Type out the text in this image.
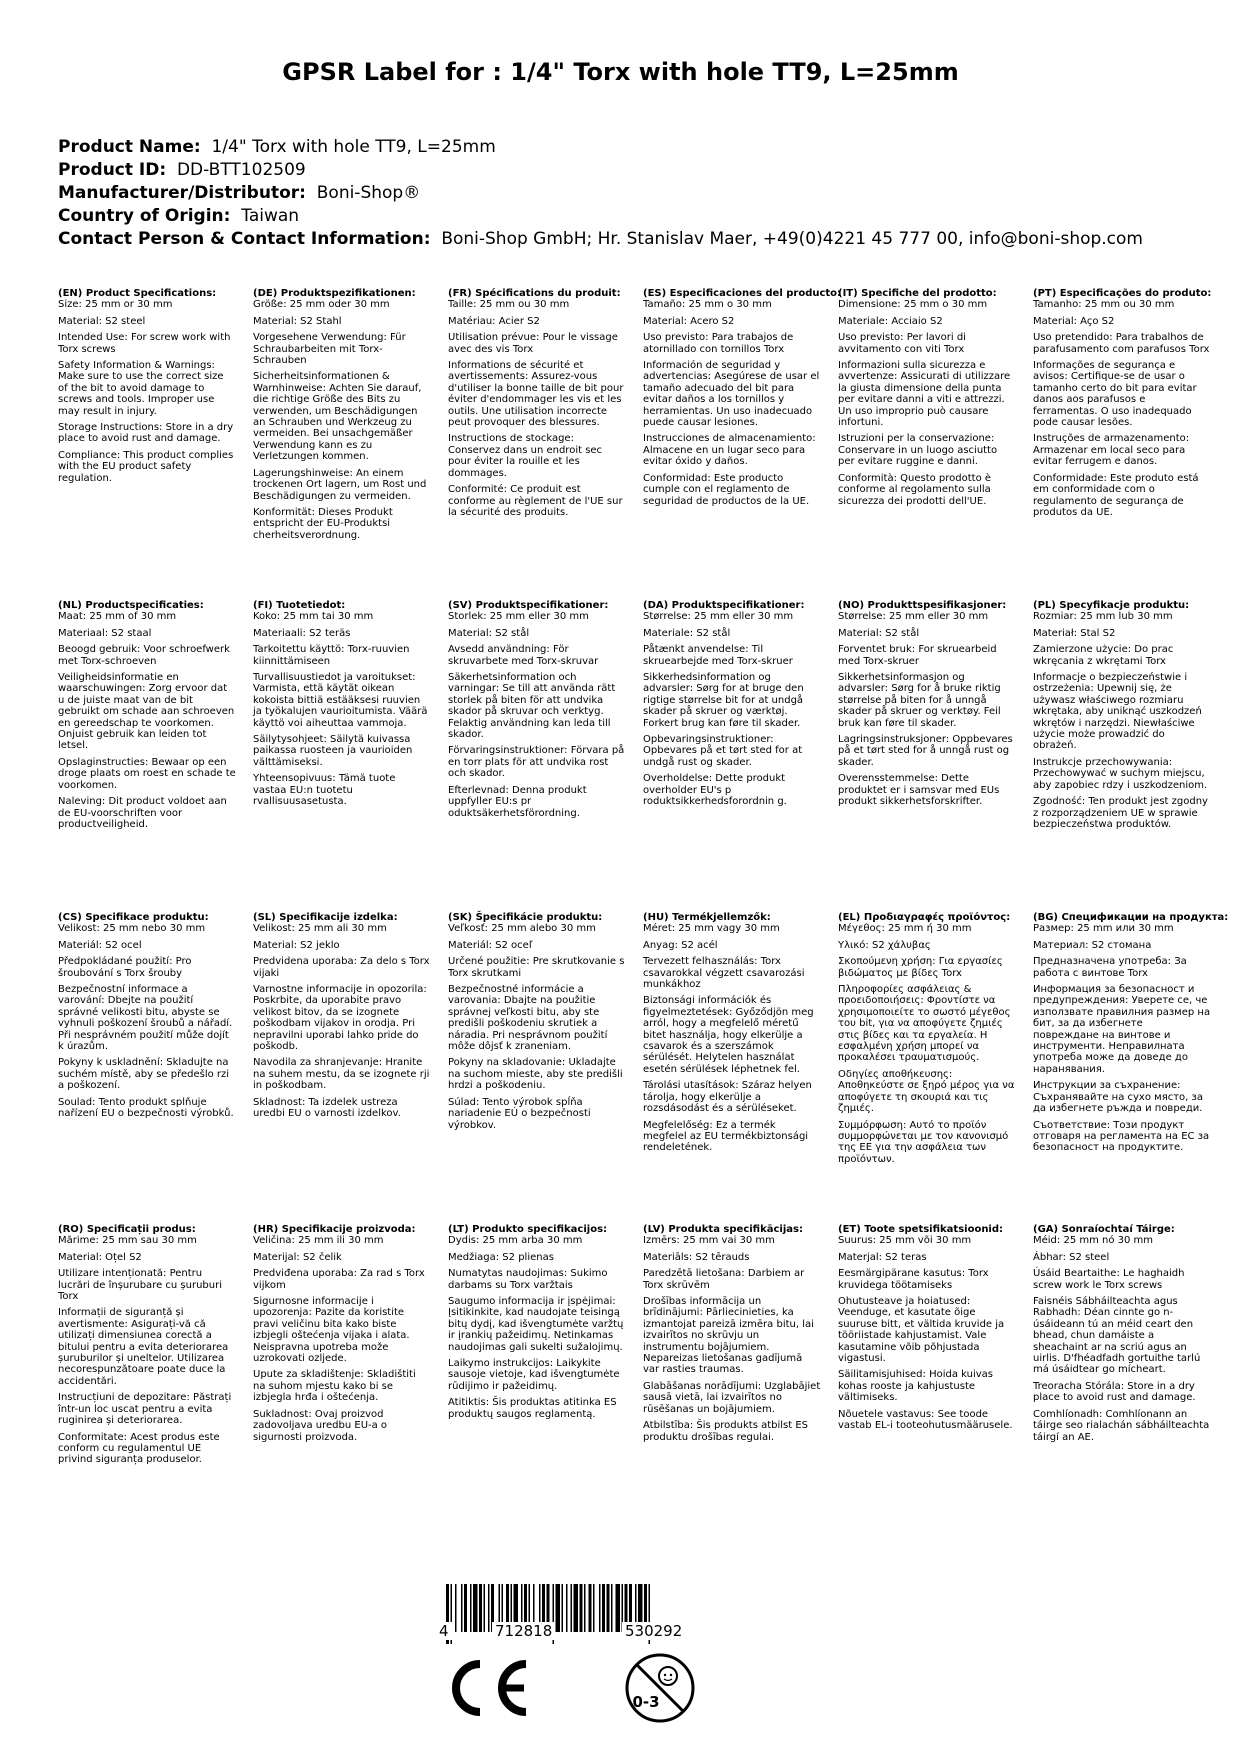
GPSR Label for : 1/4" Torx with hole TT9, L=25mm
Product Name: 1/4" Torx with hole TT9, L=25mm
Product ID: DD-BTT102509
Manufacturer/Distributor: Boni-Shop®
Country of Origin: Taiwan
Contact Person & Contact Information: Boni-Shop GmbH; Hr. Stanislav Maer, +49(0)4221 45 777 00, info@boni-shop.com
(EN) Product Specifications:

Size: 25 mm or 30 mm

Material: S2 steel

Intended Use: For screw work with Torx screws

Safety Information & Warnings: Make sure to use the correct size of the bit to avoid damage to screws and tools. Improper use may result in injury.

Storage Instructions: Store in a dry place to avoid rust and damage.

Compliance: This product complies with the EU product safety regulation.

(DE) Produktspezifikationen:

Größe: 25 mm oder 30 mm

Material: S2 Stahl

Vorgesehene Verwendung: Für Schraubarbeiten mit Torx-Schrauben

Sicherheitsinformationen & Warnhinweise: Achten Sie darauf, die richtige Größe des Bits zu verwenden, um Beschädigungen an Schrauben und Werkzeug zu vermeiden. Bei unsachgemäßer Verwendung kann es zu Verletzungen kommen.

Lagerungshinweise: An einem trockenen Ort lagern, um Rost und Beschädigungen zu vermeiden.

Konformität: Dieses Produkt entspricht der EU-Produktsi cherheitsverordnung.

(FR) Spécifications du produit:

Taille: 25 mm ou 30 mm

Matériau: Acier S2

Utilisation prévue: Pour le vissage avec des vis Torx

Informations de sécurité et avertissements: Assurez-vous d'utiliser la bonne taille de bit pour éviter d'endommager les vis et les outils. Une utilisation incorrecte peut provoquer des blessures.

Instructions de stockage: Conservez dans un endroit sec pour éviter la rouille et les dommages.

Conformité: Ce produit est conforme au règlement de l'UE sur la sécurité des produits.

(ES) Especificaciones del producto:

Tamaño: 25 mm o 30 mm

Material: Acero S2

Uso previsto: Para trabajos de atornillado con tornillos Torx

Información de seguridad y advertencias: Asegúrese de usar el tamaño adecuado del bit para evitar daños a los tornillos y herramientas. Un uso inadecuado puede causar lesiones.

Instrucciones de almacenamiento: Almacene en un lugar seco para evitar óxido y daños.

Conformidad: Este producto cumple con el reglamento de seguridad de productos de la UE.

(IT) Specifiche del prodotto:

Dimensione: 25 mm o 30 mm

Materiale: Acciaio S2

Uso previsto: Per lavori di avvitamento con viti Torx

Informazioni sulla sicurezza e avvertenze: Assicurati di utilizzare la giusta dimensione della punta per evitare danni a viti e attrezzi. Un uso improprio può causare infortuni.

Istruzioni per la conservazione: Conservare in un luogo asciutto per evitare ruggine e danni.

Conformità: Questo prodotto è conforme al regolamento sulla sicurezza dei prodotti dell'UE.

(PT) Especificações do produto:

Tamanho: 25 mm ou 30 mm

Material: Aço S2

Uso pretendido: Para trabalhos de parafusamento com parafusos Torx

Informações de segurança e avisos: Certifique-se de usar o tamanho certo do bit para evitar danos aos parafusos e ferramentas. O uso inadequado pode causar lesões.

Instruções de armazenamento: Armazenar em local seco para evitar ferrugem e danos.

Conformidade: Este produto está em conformidade com o regulamento de segurança de produtos da UE.

(NL) Productspecificaties:

Maat: 25 mm of 30 mm

Materiaal: S2 staal

Beoogd gebruik: Voor schroefwerk met Torx-schroeven

Veiligheidsinformatie en waarschuwingen: Zorg ervoor dat u de juiste maat van de bit gebruikt om schade aan schroeven en gereedschap te voorkomen. Onjuist gebruik kan leiden tot letsel.

Opslaginstructies: Bewaar op een droge plaats om roest en schade te voorkomen.

Naleving: Dit product voldoet aan de EU-voorschriften voor productveiligheid.

(FI) Tuotetiedot:

Koko: 25 mm tai 30 mm

Materiaali: S2 teräs

Tarkoitettu käyttö: Torx-ruuvien kiinnittämiseen

Turvallisuustiedot ja varoitukset: Varmista, että käytät oikean kokoista bittiä estääksesi ruuvien ja työkalujen vaurioitumista. Väärä käyttö voi aiheuttaa vammoja.

Säilytysohjeet: Säilytä kuivassa paikassa ruosteen ja vaurioiden välttämiseksi.

Yhteensopivuus: Tämä tuote vastaa EU:n tuotetu rvallisuusasetusta.

(SV) Produktspecifikationer:

Storlek: 25 mm eller 30 mm

Material: S2 stål

Avsedd användning: För skruvarbete med Torx-skruvar

Säkerhetsinformation och varningar: Se till att använda rätt storlek på biten för att undvika skador på skruvar och verktyg. Felaktig användning kan leda till skador.

Förvaringsinstruktioner: Förvara på en torr plats för att undvika rost och skador.

Efterlevnad: Denna produkt uppfyller EU:s pr oduktsäkerhetsförordning.

(DA) Produktspecifikationer:

Størrelse: 25 mm eller 30 mm

Materiale: S2 stål

Påtænkt anvendelse: Til skruearbejde med Torx-skruer

Sikkerhedsinformation og advarsler: Sørg for at bruge den rigtige størrelse bit for at undgå skader på skruer og værktøj. Forkert brug kan føre til skader.

Opbevaringsinstruktioner: Opbevares på et tørt sted for at undgå rust og skader.

Overholdelse: Dette produkt overholder EU's p roduktsikkerhedsforordnin g.

(NO) Produkttspesifikasjoner:

Størrelse: 25 mm eller 30 mm

Material: S2 stål

Forventet bruk: For skruearbeid med Torx-skruer

Sikkerhetsinformasjon og advarsler: Sørg for å bruke riktig størrelse på biten for å unngå skader på skruer og verktøy. Feil bruk kan føre til skader.

Lagringsinstruksjoner: Oppbevares på et tørt sted for å unngå rust og skader.

Overensstemmelse: Dette produktet er i samsvar med EUs produkt sikkerhetsforskrifter.

(PL) Specyfikacje produktu:

Rozmiar: 25 mm lub 30 mm

Materiał: Stal S2

Zamierzone użycie: Do prac wkręcania z wkrętami Torx

Informacje o bezpieczeństwie i ostrzeżenia: Upewnij się, że używasz właściwego rozmiaru wkrętaka, aby uniknąć uszkodzeń wkrętów i narzędzi. Niewłaściwe użycie może prowadzić do obrażeń.

Instrukcje przechowywania: Przechowywać w suchym miejscu, aby zapobiec rdzy i uszkodzeniom.

Zgodność: Ten produkt jest zgodny z rozporządzeniem UE w sprawie bezpieczeństwa produktów.

(CS) Specifikace produktu:

Velikost: 25 mm nebo 30 mm

Materiál: S2 ocel

Předpokládané použití: Pro šroubování s Torx šrouby

Bezpečnostní informace a varování: Dbejte na použití správné velikosti bitu, abyste se vyhnuli poškození šroubů a nářadí. Při nesprávném použití může dojít k úrazům.

Pokyny k uskladnění: Skladujte na suchém místě, aby se předešlo rzi a poškození.

Soulad: Tento produkt splňuje nařízení EU o bezpečnosti výrobků.

(SL) Specifikacije izdelka:

Velikost: 25 mm ali 30 mm

Material: S2 jeklo

Predvidena uporaba: Za delo s Torx vijaki

Varnostne informacije in opozorila: Poskrbite, da uporabite pravo velikost bitov, da se izognete poškodbam vijakov in orodja. Pri nepravilni uporabi lahko pride do poškodb.

Navodila za shranjevanje: Hranite na suhem mestu, da se izognete rji in poškodbam.

Skladnost: Ta izdelek ustreza uredbi EU o varnosti izdelkov.

(SK) Špecifikácie produktu:

Veľkosť: 25 mm alebo 30 mm

Materiál: S2 oceľ

Určené použitie: Pre skrutkovanie s Torx skrutkami

Bezpečnostné informácie a varovania: Dbajte na použitie správnej veľkosti bitu, aby ste predišli poškodeniu skrutiek a náradia. Pri nesprávnom použití môže dôjsť k zraneniam.

Pokyny na skladovanie: Ukladajte na suchom mieste, aby ste predišli hrdzi a poškodeniu.

Súlad: Tento výrobok spĺňa nariadenie EÚ o bezpečnosti výrobkov.

(HU) Termékjellemzők:

Méret: 25 mm vagy 30 mm

Anyag: S2 acél

Tervezett felhasználás: Torx csavarokkal végzett csavarozási munkákhoz

Biztonsági információk és figyelmeztetések: Győződjön meg arról, hogy a megfelelő méretű bitet használja, hogy elkerülje a csavarok és a szerszámok sérülését. Helytelen használat esetén sérülések léphetnek fel.

Tárolási utasítások: Száraz helyen tárolja, hogy elkerülje a rozsdásodást és a sérüléseket.

Megfelelőség: Ez a termék megfelel az EU termékbiztonsági rendeletének.

(EL) Προδιαγραφές προϊόντος:

Μέγεθος: 25 mm ή 30 mm

Υλικό: S2 χάλυβας

Σκοπούμενη χρήση: Για εργασίες βιδώματος με βίδες Torx

Πληροφορίες ασφάλειας & προειδοποιήσεις: Φροντίστε να χρησιμοποιείτε το σωστό μέγεθος του bit, για να αποφύγετε ζημιές στις βίδες και τα εργαλεία. Η εσφαλμένη χρήση μπορεί να προκαλέσει τραυματισμούς.

Οδηγίες αποθήκευσης: Αποθηκεύστε σε ξηρό μέρος για να αποφύγετε τη σκουριά και τις ζημιές.

Συμμόρφωση: Αυτό το προϊόν συμμορφώνεται με τον κανονισμό της ΕΕ για την ασφάλεια των προϊόντων.

(BG) Спецификации на продукта:

Размер: 25 mm или 30 mm

Материал: S2 стомана

Предназначена употреба: За работа с винтове Torx

Информация за безопасност и предупреждения: Уверете се, че използвате правилния размер на бит, за да избегнете повреждане на винтове и инструменти. Неправилната употреба може да доведе до наранявания.

Инструкции за съхранение: Съхранявайте на сухо място, за да избегнете ръжда и повреди.

Съответствие: Този продукт отговаря на регламента на ЕС за безопасност на продуктите.

(RO) Specificații produs:

Mărime: 25 mm sau 30 mm

Material: Oțel S2

Utilizare intenționată: Pentru lucrări de înșurubare cu șuruburi Torx

Informații de siguranță și avertismente: Asigurați-vă că utilizați dimensiunea corectă a bitului pentru a evita deteriorarea șuruburilor și uneltelor. Utilizarea necorespunzătoare poate duce la accidentări.

Instrucțiuni de depozitare: Păstrați într-un loc uscat pentru a evita ruginirea și deteriorarea.

Conformitate: Acest produs este conform cu regulamentul UE privind siguranța produselor.

(HR) Specifikacije proizvoda:

Veličina: 25 mm ili 30 mm

Materijal: S2 čelik

Predviđena uporaba: Za rad s Torx vijkom

Sigurnosne informacije i upozorenja: Pazite da koristite pravi veličinu bita kako biste izbjegli oštećenja vijaka i alata. Neispravna upotreba može uzrokovati ozljede.

Upute za skladištenje: Skladištiti na suhom mjestu kako bi se izbjegla hrđa i oštećenja.

Sukladnost: Ovaj proizvod zadovoljava uredbu EU-a o sigurnosti proizvoda.

(LT) Produkto specifikacijos:

Dydis: 25 mm arba 30 mm

Medžiaga: S2 plienas

Numatytas naudojimas: Sukimo darbams su Torx varžtais

Saugumo informacija ir įspėjimai: Įsitikinkite, kad naudojate teisingą bitų dydį, kad išvengtumėte varžtų ir įrankių pažeidimų. Netinkamas naudojimas gali sukelti sužalojimų.

Laikymo instrukcijos: Laikykite sausoje vietoje, kad išvengtumėte rūdijimo ir pažeidimų.

Atitiktis: Šis produktas atitinka ES produktų saugos reglamentą.

(LV) Produkta specifikācijas:

Izmērs: 25 mm vai 30 mm

Materiāls: S2 tērauds

Paredzētā lietošana: Darbiem ar Torx skrūvēm

Drošības informācija un brīdinājumi: Pārliecinieties, ka izmantojat pareizā izmēra bitu, lai izvairītos no skrūvju un instrumentu bojājumiem. Nepareizas lietošanas gadījumā var rasties traumas.

Glabāšanas norādījumi: Uzglabājiet sausā vietā, lai izvairītos no rūsēšanas un bojājumiem.

Atbilstība: Šis produkts atbilst ES produktu drošības regulai.

(ET) Toote spetsifikatsioonid:

Suurus: 25 mm või 30 mm

Materjal: S2 teras

Eesmärgipärane kasutus: Torx kruvidega töötamiseks

Ohutusteave ja hoiatused: Veenduge, et kasutate õige suuruse bitt, et vältida kruvide ja tööriistade kahjustamist. Vale kasutamine võib põhjustada vigastusi.

Säilitamisjuhised: Hoida kuivas kohas rooste ja kahjustuste vältimiseks.

Nõuetele vastavus: See toode vastab EL-i tooteohutusmäärusele.

(GA) Sonraíochtaí Táirge:

Méid: 25 mm nó 30 mm

Ábhar: S2 steel

Úsáid Beartaithe: Le haghaidh screw work le Torx screws

Faisnéis Sábháilteachta agus Rabhadh: Déan cinnte go n-úsáideann tú an méid ceart den bhead, chun damáiste a sheachaint ar na scriú agus an uirlis. D'fhéadfadh gortuithe tarlú má úsáidtear go mícheart.

Treoracha Stórála: Store in a dry place to avoid rust and damage.

Comhlíonadh: Comhlíonann an táirge seo rialachán sábháilteachta táirgí an AE.

4	712818	530292
0-3
